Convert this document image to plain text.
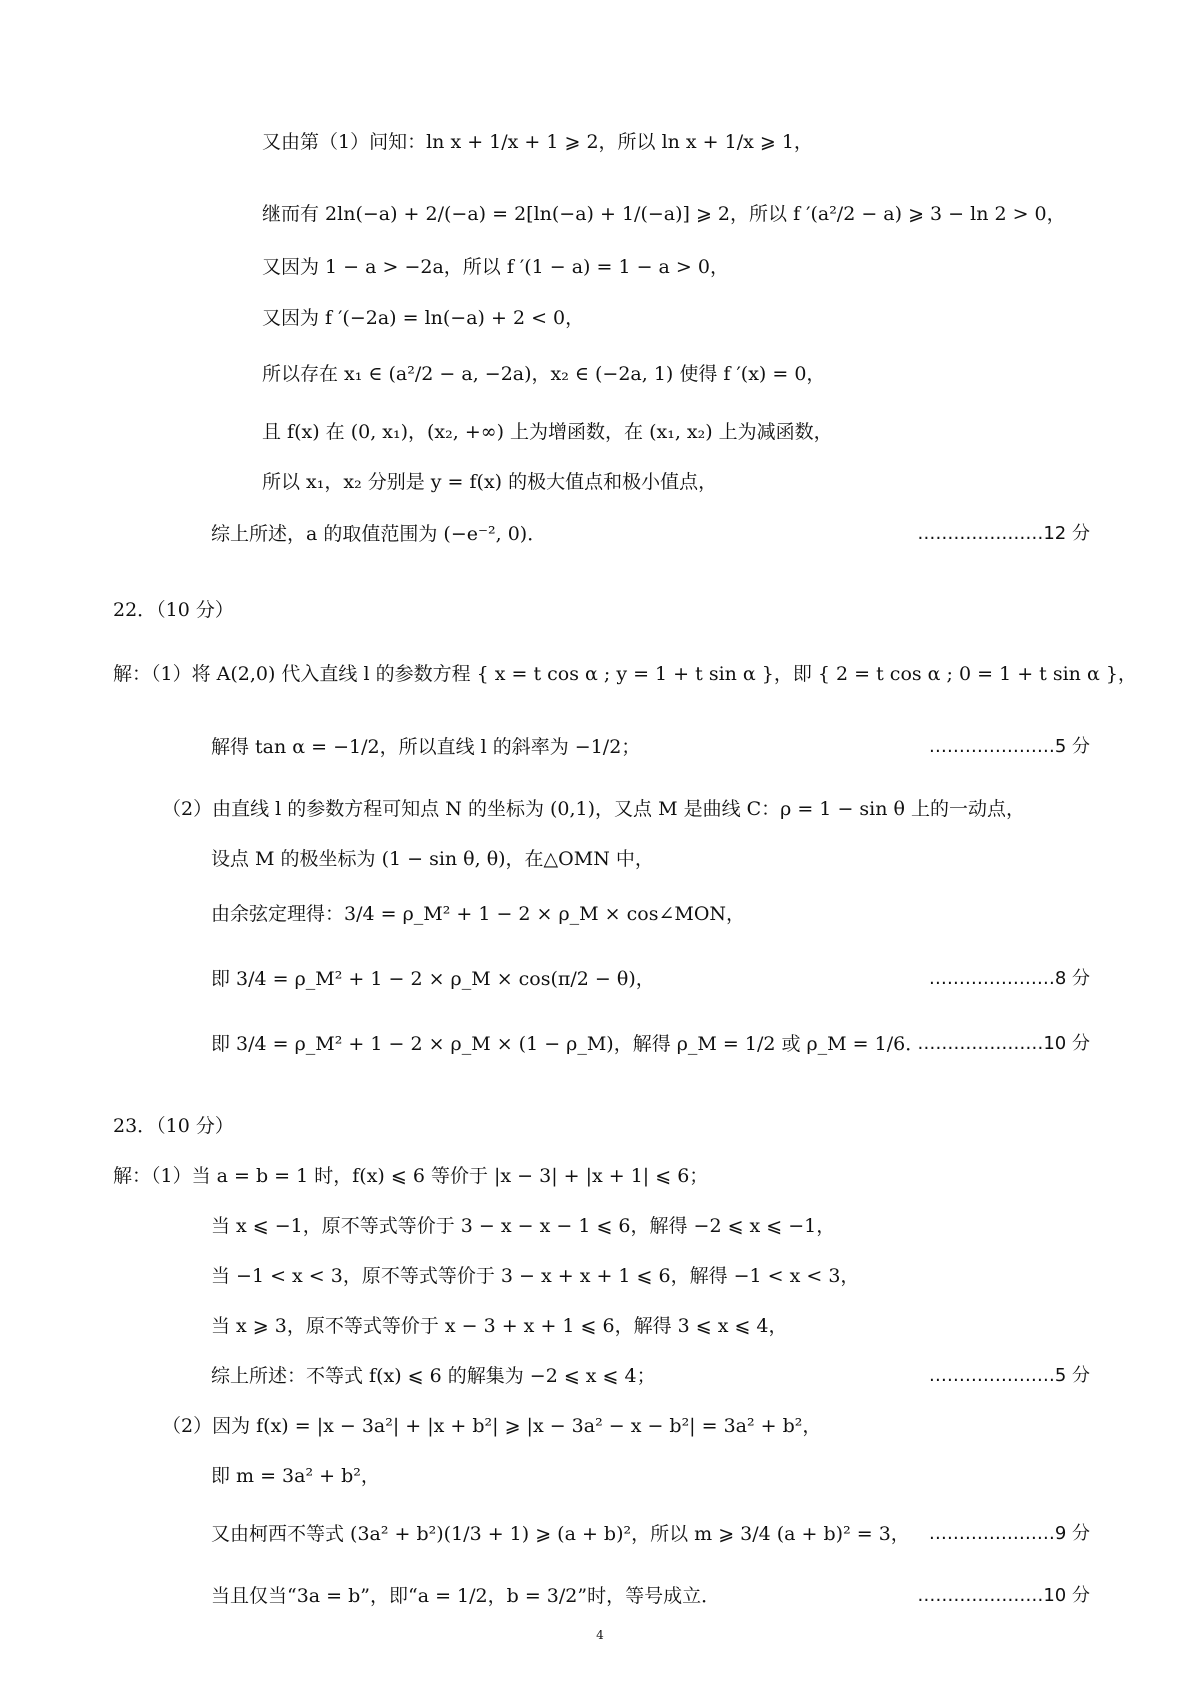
又由第（1）问知：ln x + 1/x + 1 ⩾ 2，所以 ln x + 1/x ⩾ 1，
继而有 2ln(−a) + 2/(−a) = 2[ln(−a) + 1/(−a)] ⩾ 2，所以 f ′(a²/2 − a) ⩾ 3 − ln 2 > 0，
又因为 1 − a > −2a，所以 f ′(1 − a) = 1 − a > 0，
又因为 f ′(−2a) = ln(−a) + 2 < 0，
所以存在 x₁ ∈ (a²/2 − a, −2a)，x₂ ∈ (−2a, 1) 使得 f ′(x) = 0，
且 f(x) 在 (0, x₁)，(x₂, +∞) 上为增函数，在 (x₁, x₂) 上为减函数，
所以 x₁，x₂ 分别是 y = f(x) 的极大值点和极小值点，
综上所述，a 的取值范围为 (−e⁻², 0)．	…………………12 分
22．（10 分）
解：（1）将 A(2,0) 代入直线 l 的参数方程 { x = t cos α ; y = 1 + t sin α }，即 { 2 = t cos α ; 0 = 1 + t sin α }，
解得 tan α = −1/2，所以直线 l 的斜率为 −1/2；	…………………5 分
（2）由直线 l 的参数方程可知点 N 的坐标为 (0,1)，又点 M 是曲线 C：ρ = 1 − sin θ 上的一动点，
设点 M 的极坐标为 (1 − sin θ, θ)，在△OMN 中，
由余弦定理得：3/4 = ρ_M² + 1 − 2 × ρ_M × cos∠MON，
即 3/4 = ρ_M² + 1 − 2 × ρ_M × cos(π/2 − θ)，	…………………8 分
即 3/4 = ρ_M² + 1 − 2 × ρ_M × (1 − ρ_M)，解得 ρ_M = 1/2 或 ρ_M = 1/6．
…………………10 分
23．（10 分）
解：（1）当 a = b = 1 时，f(x) ⩽ 6 等价于 |x − 3| + |x + 1| ⩽ 6；
当 x ⩽ −1，原不等式等价于 3 − x − x − 1 ⩽ 6，解得 −2 ⩽ x ⩽ −1，
当 −1 < x < 3，原不等式等价于 3 − x + x + 1 ⩽ 6，解得 −1 < x < 3，
当 x ⩾ 3，原不等式等价于 x − 3 + x + 1 ⩽ 6，解得 3 ⩽ x ⩽ 4，
综上所述：不等式 f(x) ⩽ 6 的解集为 −2 ⩽ x ⩽ 4；	…………………5 分
（2）因为 f(x) = |x − 3a²| + |x + b²| ⩾ |x − 3a² − x − b²| = 3a² + b²，
即 m = 3a² + b²，
又由柯西不等式 (3a² + b²)(1/3 + 1) ⩾ (a + b)²，所以 m ⩾ 3/4 (a + b)² = 3， …………………9 分
当且仅当“3a = b”，即“a = 1/2，b = 3/2”时，等号成立．	…………………10 分
4
